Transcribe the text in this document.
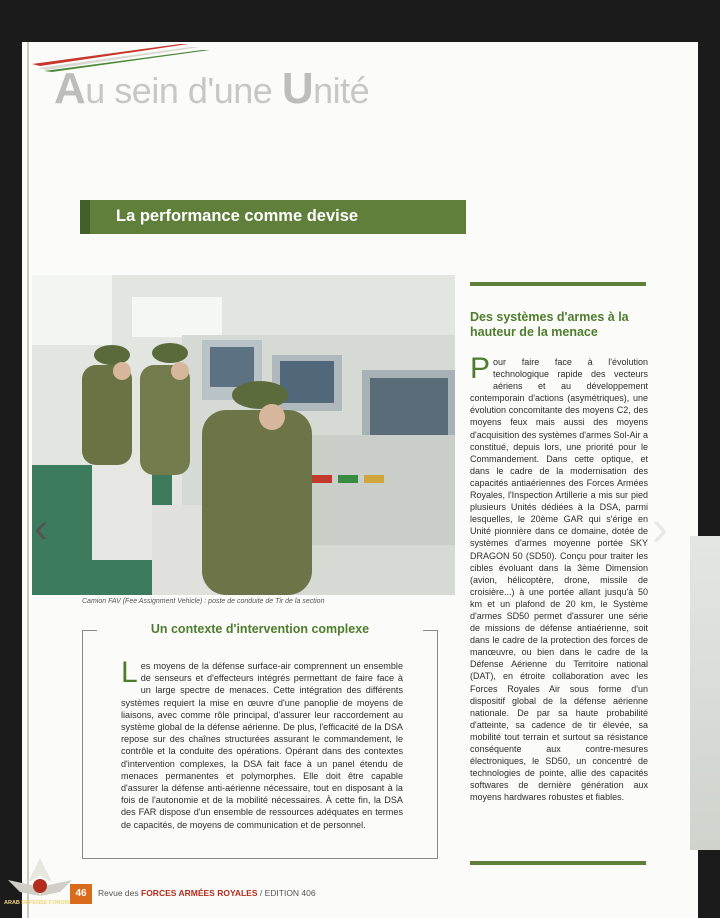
Au sein d'une Unité
La performance comme devise
Camion FAV (Fee Assignment Vehicle) : poste de conduite de Tir de la section
Un contexte d'intervention complexe
Les moyens de la défense surface-air comprennent un ensemble de senseurs et d'effecteurs intégrés permettant de faire face à un large spectre de menaces. Cette intégration des différents systèmes requiert la mise en œuvre d'une panoplie de moyens de liaisons, avec comme rôle principal, d'assurer leur raccordement au système global de la défense aérienne. De plus, l'efficacité de la DSA repose sur des chaînes structurées assurant le commandement, le contrôle et la conduite des opérations. Opérant dans des contextes d'intervention complexes, la DSA fait face à un panel étendu de menaces permanentes et polymorphes. Elle doit être capable d'assurer la défense anti-aérienne nécessaire, tout en disposant à la fois de l'autonomie et de la mobilité nécessaires. À cette fin, la DSA des FAR dispose d'un ensemble de ressources adéquates en termes de capacités, de moyens de communication et de personnel.
Des systèmes d'armes à la hauteur de la menace
Pour faire face à l'évolution technologique rapide des vecteurs aériens et au développement contemporain d'actions (asymétriques), une évolution concomitante des moyens C2, des moyens feux mais aussi des moyens d'acquisition des systèmes d'armes Sol-Air a constitué, depuis lors, une priorité pour le Commandement. Dans cette optique, et dans le cadre de la modernisation des capacités antiaériennes des Forces Armées Royales, l'Inspection Artillerie a mis sur pied plusieurs Unités dédiées à la DSA, parmi lesquelles, le 20ème GAR qui s'érige en Unité pionnière dans ce domaine, dotée de systèmes d'armes moyenne portée SKY DRAGON 50 (SD50). Conçu pour traiter les cibles évoluant dans la 3ème Dimension (avion, hélicoptère, drone, missile de croisière...) à une portée allant jusqu'à 50 km et un plafond de 20 km, le Système d'armes SD50 permet d'assurer une série de missions de défense antiaérienne, soit dans le cadre de la protection des forces de manœuvre, ou bien dans le cadre de la Défense Aérienne du Territoire national (DAT), en étroite collaboration avec les Forces Royales Air sous forme d'un dispositif global de la défense aérienne nationale. De par sa haute probabilité d'atteinte, sa cadence de tir élevée, sa mobilité tout terrain et surtout sa résistance conséquente aux contre-mesures électroniques, le SD50, un concentré de technologies de pointe, allie des capacités softwares de dernière génération aux moyens hardwares robustes et fiables.
46	Revue des FORCES ARMÉES ROYALES / EDITION 406
‹	›
ARAB DEFENSE FORUM
